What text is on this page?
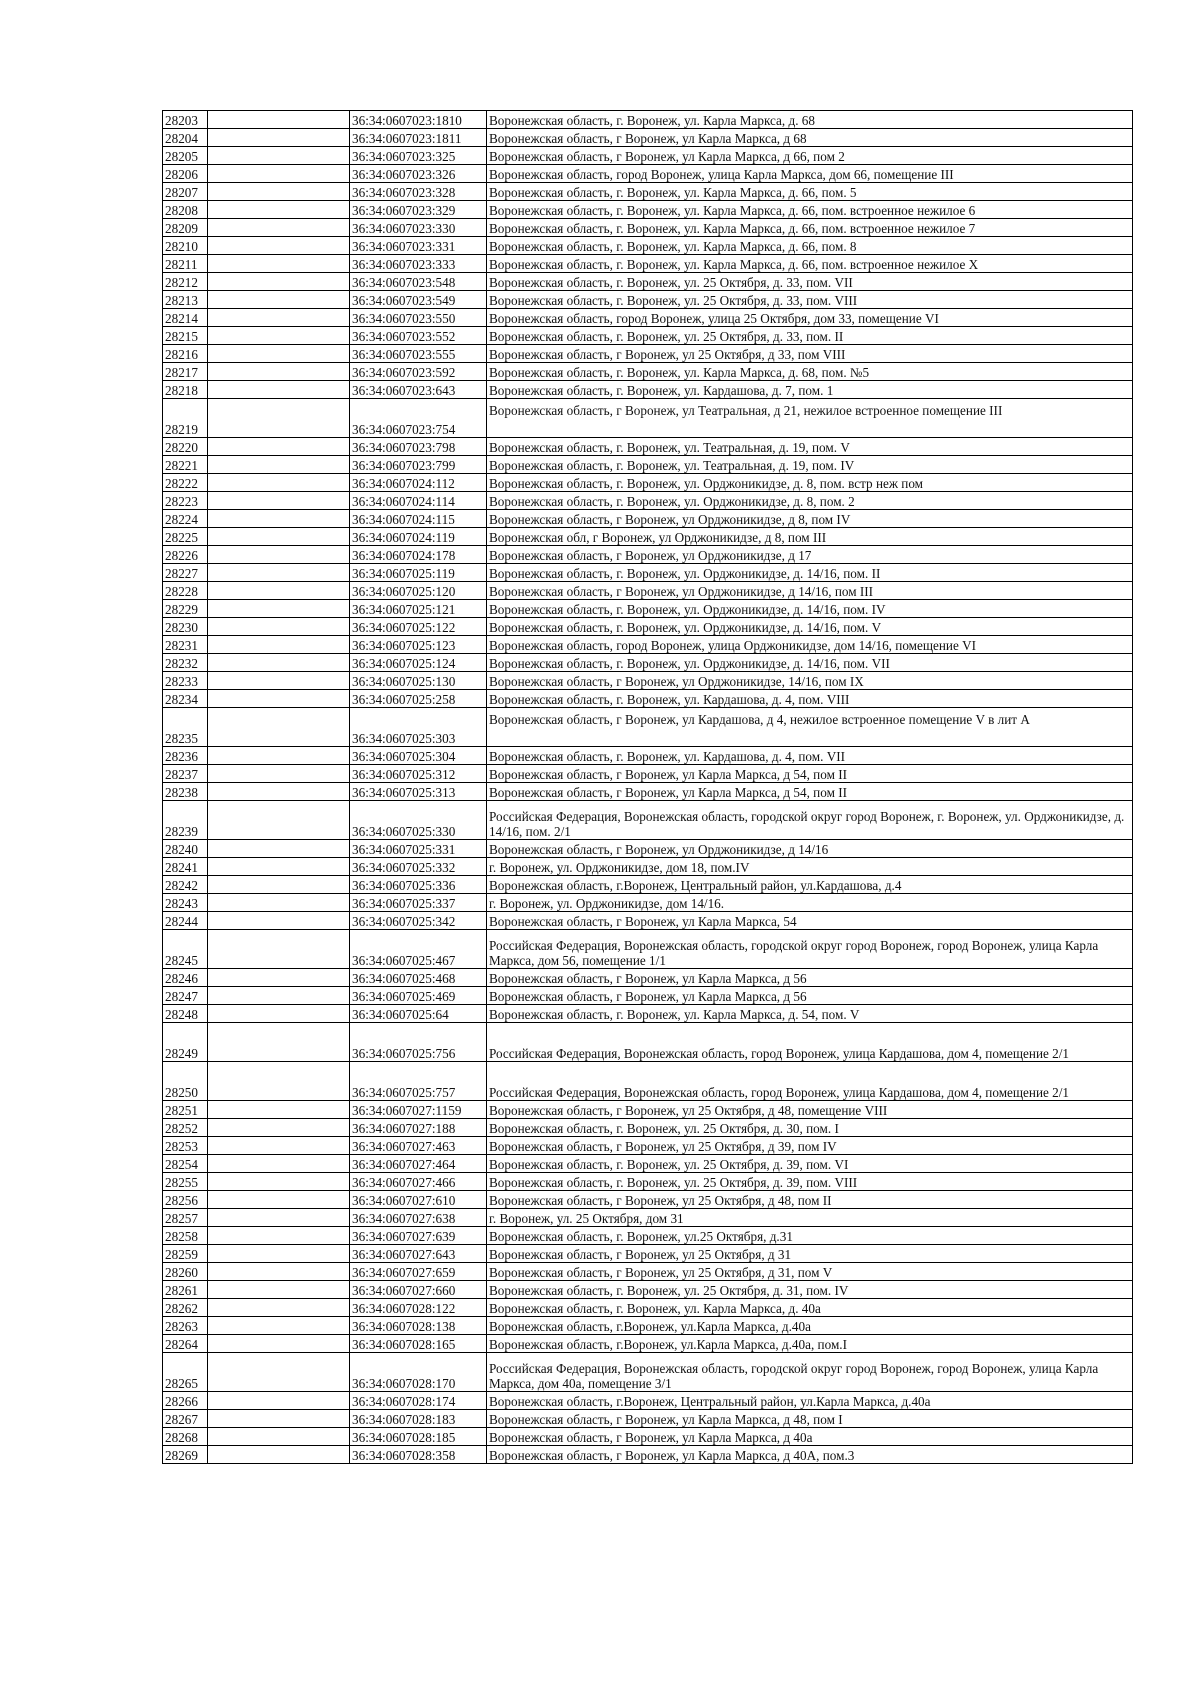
28203		36:34:0607023:1810	Воронежская область, г. Воронеж, ул. Карла Маркса, д. 68
28204		36:34:0607023:1811	Воронежская область, г Воронеж, ул Карла Маркса, д 68
28205		36:34:0607023:325	Воронежская область, г Воронеж, ул Карла Маркса, д 66, пом 2
28206		36:34:0607023:326	Воронежская область, город Воронеж, улица Карла Маркса, дом 66, помещение III
28207		36:34:0607023:328	Воронежская область, г. Воронеж, ул. Карла Маркса, д. 66, пом. 5
28208		36:34:0607023:329	Воронежская область, г. Воронеж, ул. Карла Маркса, д. 66, пом. встроенное нежилое 6
28209		36:34:0607023:330	Воронежская область, г. Воронеж, ул. Карла Маркса, д. 66, пом. встроенное нежилое 7
28210		36:34:0607023:331	Воронежская область, г. Воронеж, ул. Карла Маркса, д. 66, пом. 8
28211		36:34:0607023:333	Воронежская область, г. Воронеж, ул. Карла Маркса, д. 66, пом. встроенное нежилое Х
28212		36:34:0607023:548	Воронежская область, г. Воронеж, ул. 25 Октября, д. 33, пом. VII
28213		36:34:0607023:549	Воронежская область, г. Воронеж, ул. 25 Октября, д. 33, пом. VIII
28214		36:34:0607023:550	Воронежская область, город Воронеж, улица 25 Октября, дом 33, помещение VI
28215		36:34:0607023:552	Воронежская область, г. Воронеж, ул. 25 Октября, д. 33, пом. II
28216		36:34:0607023:555	Воронежская область, г Воронеж, ул 25 Октября, д 33, пом VIII
28217		36:34:0607023:592	Воронежская область, г. Воронеж, ул. Карла Маркса, д. 68, пом. №5
28218		36:34:0607023:643	Воронежская область, г. Воронеж, ул. Кардашова, д. 7, пом. 1
28219		36:34:0607023:754	Воронежская область, г Воронеж, ул Театральная, д 21, нежилое встроенное помещение III
28220		36:34:0607023:798	Воронежская область, г. Воронеж, ул. Театральная, д. 19, пом. V
28221		36:34:0607023:799	Воронежская область, г. Воронеж, ул. Театральная, д. 19, пом. IV
28222		36:34:0607024:112	Воронежская область, г. Воронеж, ул. Орджоникидзе, д. 8, пом. встр неж пом
28223		36:34:0607024:114	Воронежская область, г. Воронеж, ул. Орджоникидзе, д. 8, пом. 2
28224		36:34:0607024:115	Воронежская область, г Воронеж, ул Орджоникидзе, д 8, пом IV
28225		36:34:0607024:119	Воронежская обл, г Воронеж, ул Орджоникидзе, д 8, пом III
28226		36:34:0607024:178	Воронежская область, г Воронеж, ул Орджоникидзе, д 17
28227		36:34:0607025:119	Воронежская область, г. Воронеж, ул. Орджоникидзе, д. 14/16, пом. II
28228		36:34:0607025:120	Воронежская область, г Воронеж, ул Орджоникидзе, д 14/16, пом III
28229		36:34:0607025:121	Воронежская область, г. Воронеж, ул. Орджоникидзе, д. 14/16, пом. IV
28230		36:34:0607025:122	Воронежская область, г. Воронеж, ул. Орджоникидзе, д. 14/16, пом. V
28231		36:34:0607025:123	Воронежская область, город Воронеж, улица Орджоникидзе, дом 14/16, помещение VI
28232		36:34:0607025:124	Воронежская область, г. Воронеж, ул. Орджоникидзе, д. 14/16, пом. VII
28233		36:34:0607025:130	Воронежская область, г Воронеж, ул Орджоникидзе, 14/16, пом IX
28234		36:34:0607025:258	Воронежская область, г. Воронеж, ул. Кардашова, д. 4, пом. VIII
28235		36:34:0607025:303	Воронежская область, г Воронеж, ул Кардашова, д 4, нежилое встроенное помещение V в лит А
28236		36:34:0607025:304	Воронежская область, г. Воронеж, ул. Кардашова, д. 4, пом. VII
28237		36:34:0607025:312	Воронежская область, г Воронеж, ул Карла Маркса, д 54, пом II
28238		36:34:0607025:313	Воронежская область, г Воронеж, ул Карла Маркса, д 54, пом II
28239		36:34:0607025:330	Российская Федерация, Воронежская область, городской округ город Воронеж, г. Воронеж, ул. Орджоникидзе, д. 14/16, пом. 2/1
28240		36:34:0607025:331	Воронежская область, г Воронеж, ул Орджоникидзе, д 14/16
28241		36:34:0607025:332	г. Воронеж, ул. Орджоникидзе, дом 18, пом.IV
28242		36:34:0607025:336	Воронежская область, г.Воронеж, Центральный район, ул.Кардашова, д.4
28243		36:34:0607025:337	г. Воронеж, ул. Орджоникидзе, дом 14/16.
28244		36:34:0607025:342	Воронежская область, г Воронеж, ул Карла Маркса, 54
28245		36:34:0607025:467	Российская Федерация, Воронежская область, городской округ город Воронеж, город Воронеж, улица Карла Маркса, дом 56, помещение 1/1
28246		36:34:0607025:468	Воронежская область, г Воронеж, ул Карла Маркса, д 56
28247		36:34:0607025:469	Воронежская область, г Воронеж, ул Карла Маркса, д 56
28248		36:34:0607025:64	Воронежская область, г. Воронеж, ул. Карла Маркса, д. 54, пом. V
28249		36:34:0607025:756	Российская Федерация, Воронежская область, город Воронеж, улица Кардашова, дом 4, помещение 2/1
28250		36:34:0607025:757	Российская Федерация, Воронежская область, город Воронеж, улица Кардашова, дом 4, помещение 2/1
28251		36:34:0607027:1159	Воронежская область, г Воронеж, ул 25 Октября, д 48, помещение VIII
28252		36:34:0607027:188	Воронежская область, г. Воронеж, ул. 25 Октября, д. 30, пом. I
28253		36:34:0607027:463	Воронежская область, г Воронеж, ул 25 Октября, д 39, пом IV
28254		36:34:0607027:464	Воронежская область, г. Воронеж, ул. 25 Октября, д. 39, пом. VI
28255		36:34:0607027:466	Воронежская область, г. Воронеж, ул. 25 Октября, д. 39, пом. VIII
28256		36:34:0607027:610	Воронежская область, г Воронеж, ул 25 Октября, д 48, пом II
28257		36:34:0607027:638	г. Воронеж, ул. 25 Октября, дом 31
28258		36:34:0607027:639	Воронежская область, г. Воронеж, ул.25 Октября, д.31
28259		36:34:0607027:643	Воронежская область, г Воронеж, ул 25 Октября, д 31
28260		36:34:0607027:659	Воронежская область, г Воронеж, ул 25 Октября, д 31, пом V
28261		36:34:0607027:660	Воронежская область, г. Воронеж, ул. 25 Октября, д. 31, пом. IV
28262		36:34:0607028:122	Воронежская область, г. Воронеж, ул. Карла Маркса, д. 40а
28263		36:34:0607028:138	Воронежская область, г.Воронеж, ул.Карла Маркса, д.40а
28264		36:34:0607028:165	Воронежская область, г.Воронеж, ул.Карла Маркса, д.40а, пом.I
28265		36:34:0607028:170	Российская Федерация, Воронежская область, городской округ город Воронеж, город Воронеж, улица Карла Маркса, дом 40а, помещение 3/1
28266		36:34:0607028:174	Воронежская область, г.Воронеж, Центральный район, ул.Карла Маркса, д.40а
28267		36:34:0607028:183	Воронежская область, г Воронеж, ул Карла Маркса, д 48, пом I
28268		36:34:0607028:185	Воронежская область, г Воронеж, ул Карла Маркса, д 40а
28269		36:34:0607028:358	Воронежская область, г Воронеж, ул Карла Маркса, д 40А, пом.3
